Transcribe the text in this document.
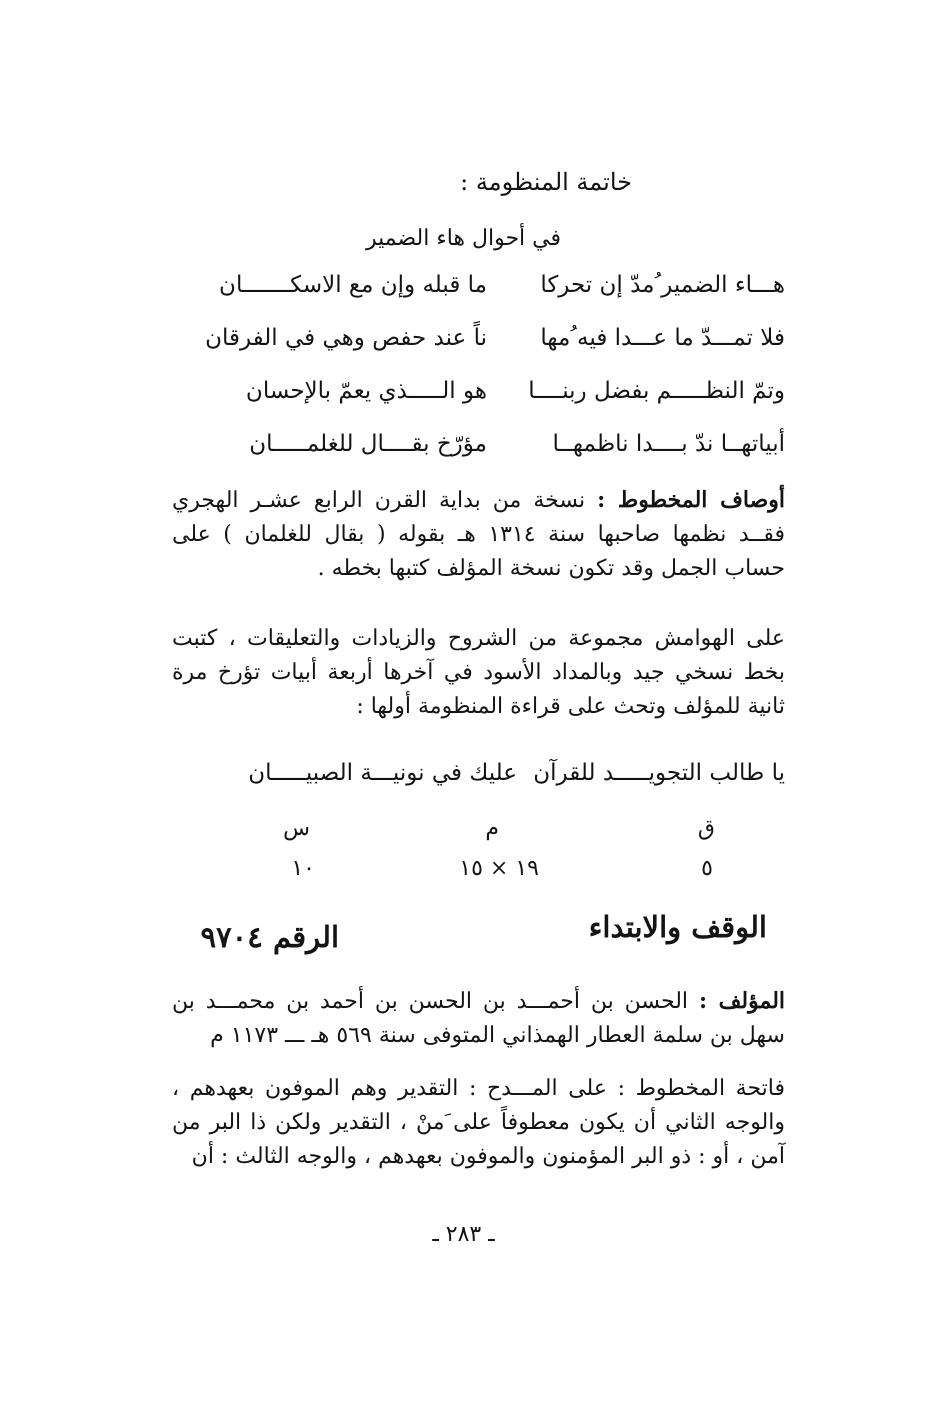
خاتمة المنظومة :
في أحوال هاء الضمير
هـــاء الضمير ُمدّ إن تحركا
ما قبله وإن مع الاسكـــــــان
فلا تمـــدّ ما عـــدا فيه ُمها
ناً عند حفص وهي في الفرقان
وتمّ النظـــــم بفضل ربنــــا
هو الـــــذي يعمّ بالإحسان
أبياتهــا ندّ بــــدا ناظمهــا
مؤرّخ بقــــال للغلمـــــان
أوصاف المخطوط : نسخة من بداية القرن الرابع عشـر الهجري فقــد نظمها صاحبها سنة ١٣١٤ هـ بقوله ( بقال للغلمان ) على حساب الجمل وقد تكون نسخة المؤلف كتبها بخطه .
على الهوامش مجموعة من الشروح والزيادات والتعليقات ، كتبت بخط نسخي جيد وبالمداد الأسود في آخرها أربعة أبيات تؤرخ مرة ثانية للمؤلف وتحث على قراءة المنظومة أولها :
يا طالب التجويـــــد للقرآن
عليك في نونيـــة الصبيـــــان
ق
م
س
٥
١٩ × ١٥
١٠
الوقف والابتداء
الرقم ٩٧٠٤
المؤلف : الحسن بن أحمـــد بن الحسن بن أحمد بن محمـــد بن سهل بن سلمة العطار الهمذاني المتوفى سنة ٥٦٩ هـ ـــ ١١٧٣ م
فاتحة المخطوط : على المـــدح : التقدير وهم الموفون بعهدهم ، والوجه الثاني أن يكون معطوفاً على َمنْ ، التقدير ولكن ذا البر من آمن ، أو : ذو البر المؤمنون والموفون بعهدهم ، والوجه الثالث : أن
ـ ٢٨٣ ـ
